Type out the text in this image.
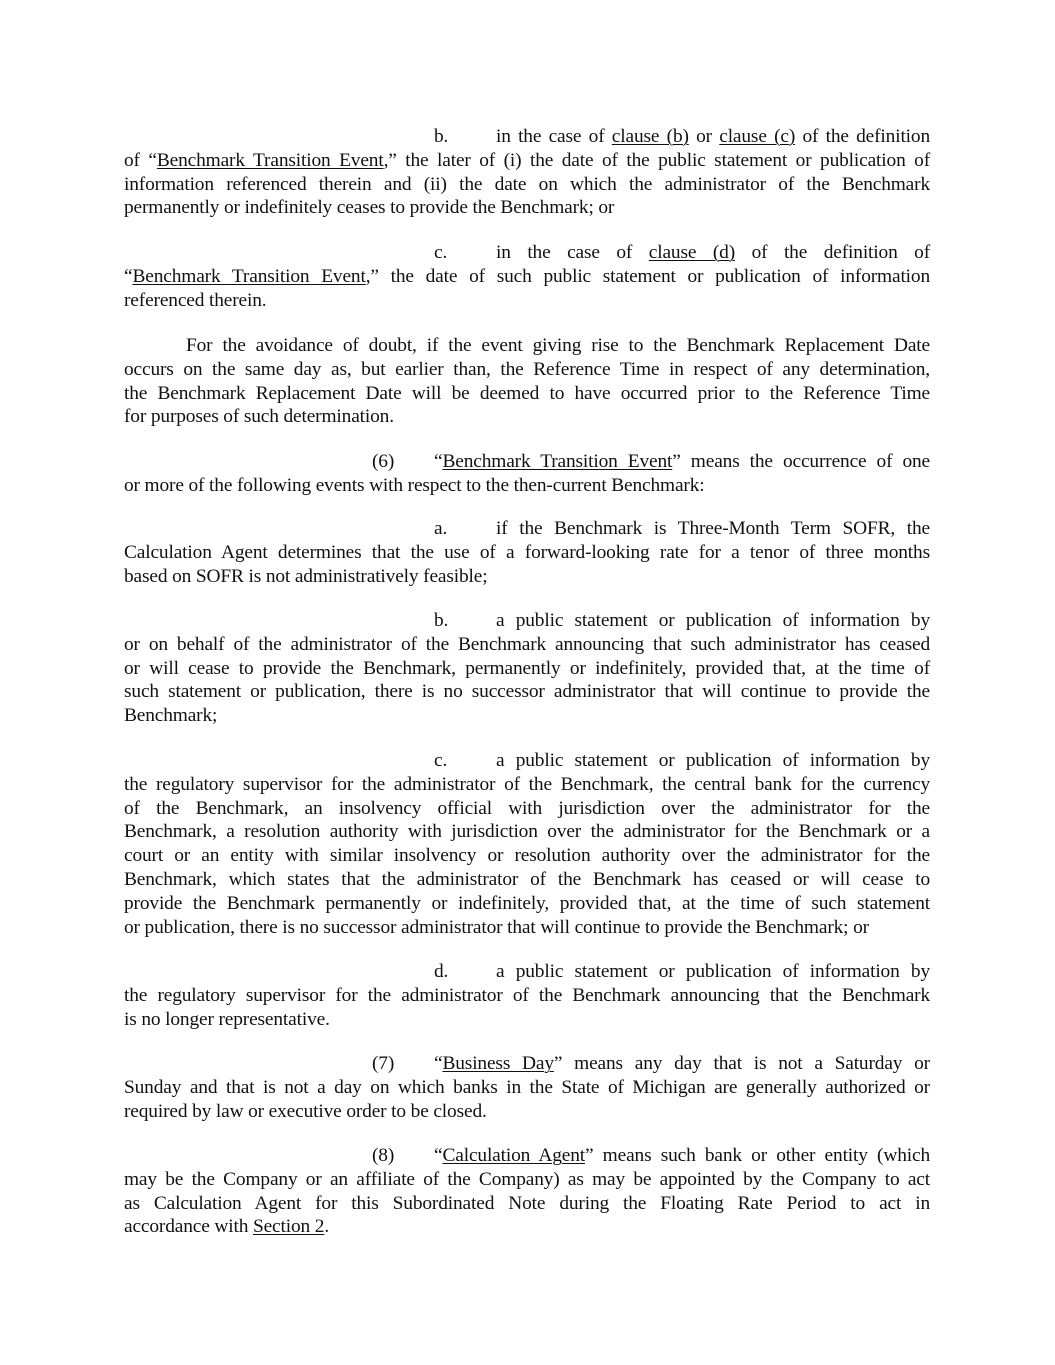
b. in the case of clause (b) or clause (c) of the definition
of “Benchmark Transition Event,” the later of (i) the date of the public statement or publication of
information referenced therein and (ii) the date on which the administrator of the Benchmark
permanently or indefinitely ceases to provide the Benchmark; or
c.	in the case of clause (d) of the definition of
“Benchmark Transition Event,” the date of such public statement or publication of information
referenced therein.
For the avoidance of doubt, if the event giving rise to the Benchmark Replacement Date
occurs on the same day as, but earlier than, the Reference Time in respect of any determination,
the Benchmark Replacement Date will be deemed to have occurred prior to the Reference Time
for purposes of such determination.
(6) “Benchmark Transition Event” means the occurrence of one
or more of the following events with respect to the then-current Benchmark:
a.	if the Benchmark is Three-Month Term SOFR, the
Calculation Agent determines that the use of a forward-looking rate for a tenor of three months
based on SOFR is not administratively feasible;
b. a public statement or publication of information by
or on behalf of the administrator of the Benchmark announcing that such administrator has ceased
or will cease to provide the Benchmark, permanently or indefinitely, provided that, at the time of
such statement or publication, there is no successor administrator that will continue to provide the
Benchmark;
c.	a public statement or publication of information by
the regulatory supervisor for the administrator of the Benchmark, the central bank for the currency
of the Benchmark, an insolvency official with jurisdiction over the administrator for the
Benchmark, a resolution authority with jurisdiction over the administrator for the Benchmark or a
court or an entity with similar insolvency or resolution authority over the administrator for the
Benchmark, which states that the administrator of the Benchmark has ceased or will cease to
provide the Benchmark permanently or indefinitely, provided that, at the time of such statement
or publication, there is no successor administrator that will continue to provide the Benchmark; or
d. a public statement or publication of information by
the regulatory supervisor for the administrator of the Benchmark announcing that the Benchmark
is no longer representative.
(7) “Business Day” means any day that is not a Saturday or
Sunday and that is not a day on which banks in the State of Michigan are generally authorized or
required by law or executive order to be closed.
(8) “Calculation Agent” means such bank or other entity (which
may be the Company or an affiliate of the Company) as may be appointed by the Company to act
as Calculation Agent for this Subordinated Note during the Floating Rate Period to act in
accordance with Section 2.
